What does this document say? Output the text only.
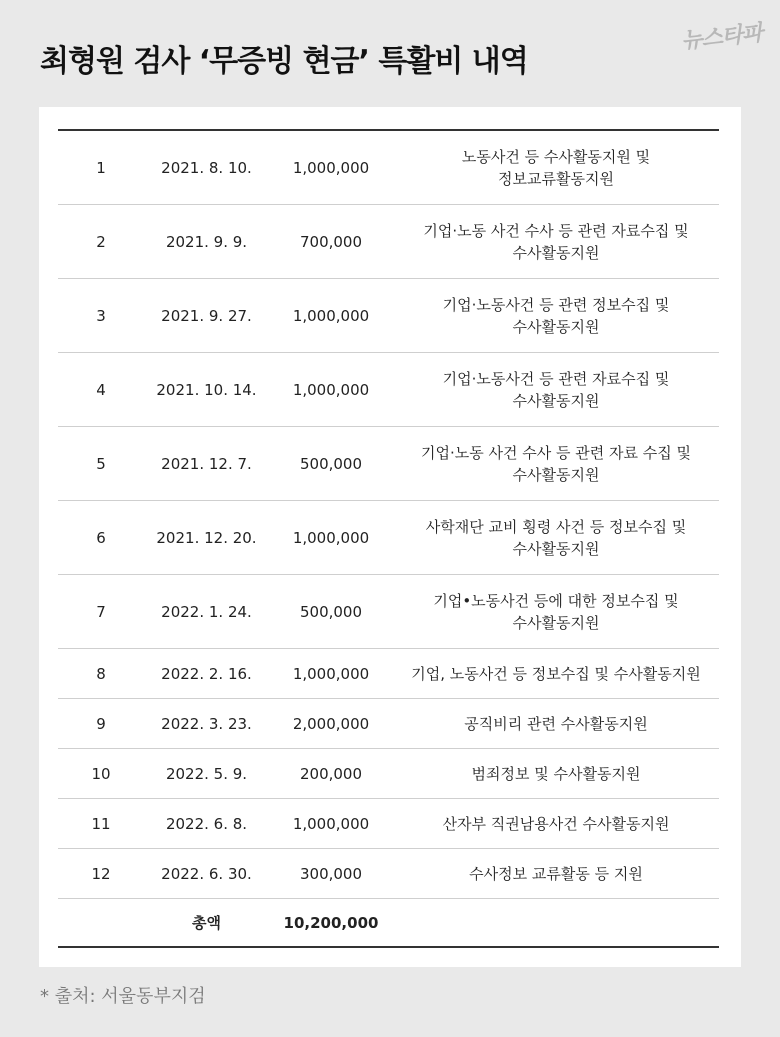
최형원 검사 ‘무증빙 현금’ 특활비 내역
뉴스타파
1	2021. 8. 10.	1,000,000	노동사건 등 수사활동지원 및
정보교류활동지원

2	2021. 9. 9.	700,000	기업·노동 사건 수사 등 관련 자료수집 및
수사활동지원

3	2021. 9. 27.	1,000,000	기업·노동사건 등 관련 정보수집 및
수사활동지원

4	2021. 10. 14.	1,000,000	기업·노동사건 등 관련 자료수집 및
수사활동지원

5	2021. 12. 7.	500,000	기업·노동 사건 수사 등 관련 자료 수집 및
수사활동지원

6	2021. 12. 20.	1,000,000	사학재단 교비 횡령 사건 등 정보수집 및
수사활동지원

7	2022. 1. 24.	500,000	기업•노동사건 등에 대한 정보수집 및
수사활동지원

8	2022. 2. 16.	1,000,000	기업, 노동사건 등 정보수집 및 수사활동지원

9	2022. 3. 23.	2,000,000	공직비리 관련 수사활동지원

10	2022. 5. 9.	200,000	범죄정보 및 수사활동지원

11	2022. 6. 8.	1,000,000	산자부 직권남용사건 수사활동지원

12	2022. 6. 30.	300,000	수사정보 교류활동 등 지원

	총액	10,200,000	
* 출처: 서울동부지검
